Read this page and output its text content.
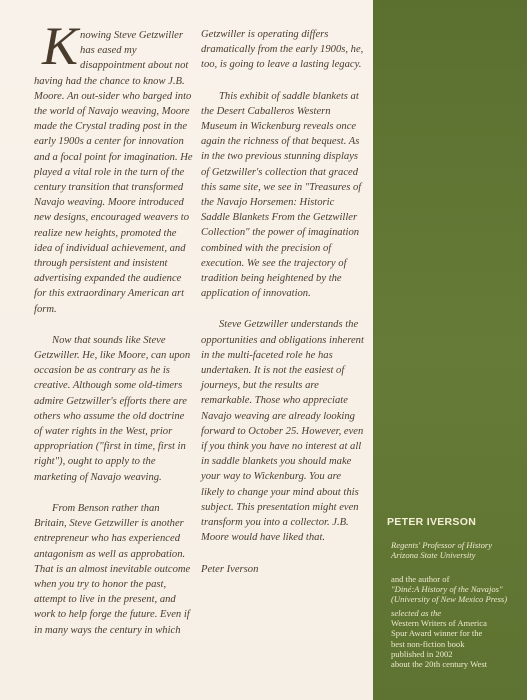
Knowing Steve Getzwiller has eased my disappointment about not having had the chance to know J.B. Moore. An out-sider who barged into the world of Navajo weaving, Moore made the Crystal trading post in the early 1900s a center for innovation and a focal point for imagination. He played a vital role in the turn of the century transition that transformed Navajo weaving. Moore introduced new designs, encouraged weavers to realize new heights, promoted the idea of individual achievement, and through persistent and insistent advertising expanded the audience for this extraordinary American art form.

Now that sounds like Steve Getzwiller. He, like Moore, can upon occasion be as contrary as he is creative. Although some old-timers admire Getzwiller's efforts there are others who assume the old doctrine of water rights in the West, prior appropriation ("first in time, first in right"), ought to apply to the marketing of Navajo weaving.

From Benson rather than Britain, Steve Getzwiller is another entrepreneur who has experienced antagonism as well as approbation. That is an almost inevitable outcome when you try to honor the past, attempt to live in the present, and work to help forge the future. Even if in many ways the century in which

Getzwiller is operating differs dramatically from the early 1900s, he, too, is going to leave a lasting legacy.

This exhibit of saddle blankets at the Desert Caballeros Western Museum in Wickenburg reveals once again the richness of that bequest. As in the two previous stunning displays of Getzwiller's collection that graced this same site, we see in "Treasures of the Navajo Horsemen: Historic Saddle Blankets From the Getzwiller Collection" the power of imagination combined with the precision of execution. We see the trajectory of tradition being heightened by the application of innovation.

Steve Getzwiller understands the opportunities and obligations inherent in the multi-faceted role he has undertaken. It is not the easiest of journeys, but the results are remarkable. Those who appreciate Navajo weaving are already looking forward to October 25. However, even if you think you have no interest at all in saddle blankets you should make your way to Wickenburg. You are likely to change your mind about this subject. This presentation might even transform you into a collector. J.B. Moore would have liked that.

Peter Iverson

PETER IVERSON
Regents' Professor of History
Arizona State University
and the author of
"Diné:A History of the Navajos"
(University of New Mexico Press)
selected as the
Western Writers of America
Spur Award winner for the
best non-fiction book
published in 2002
about the 20th century West
